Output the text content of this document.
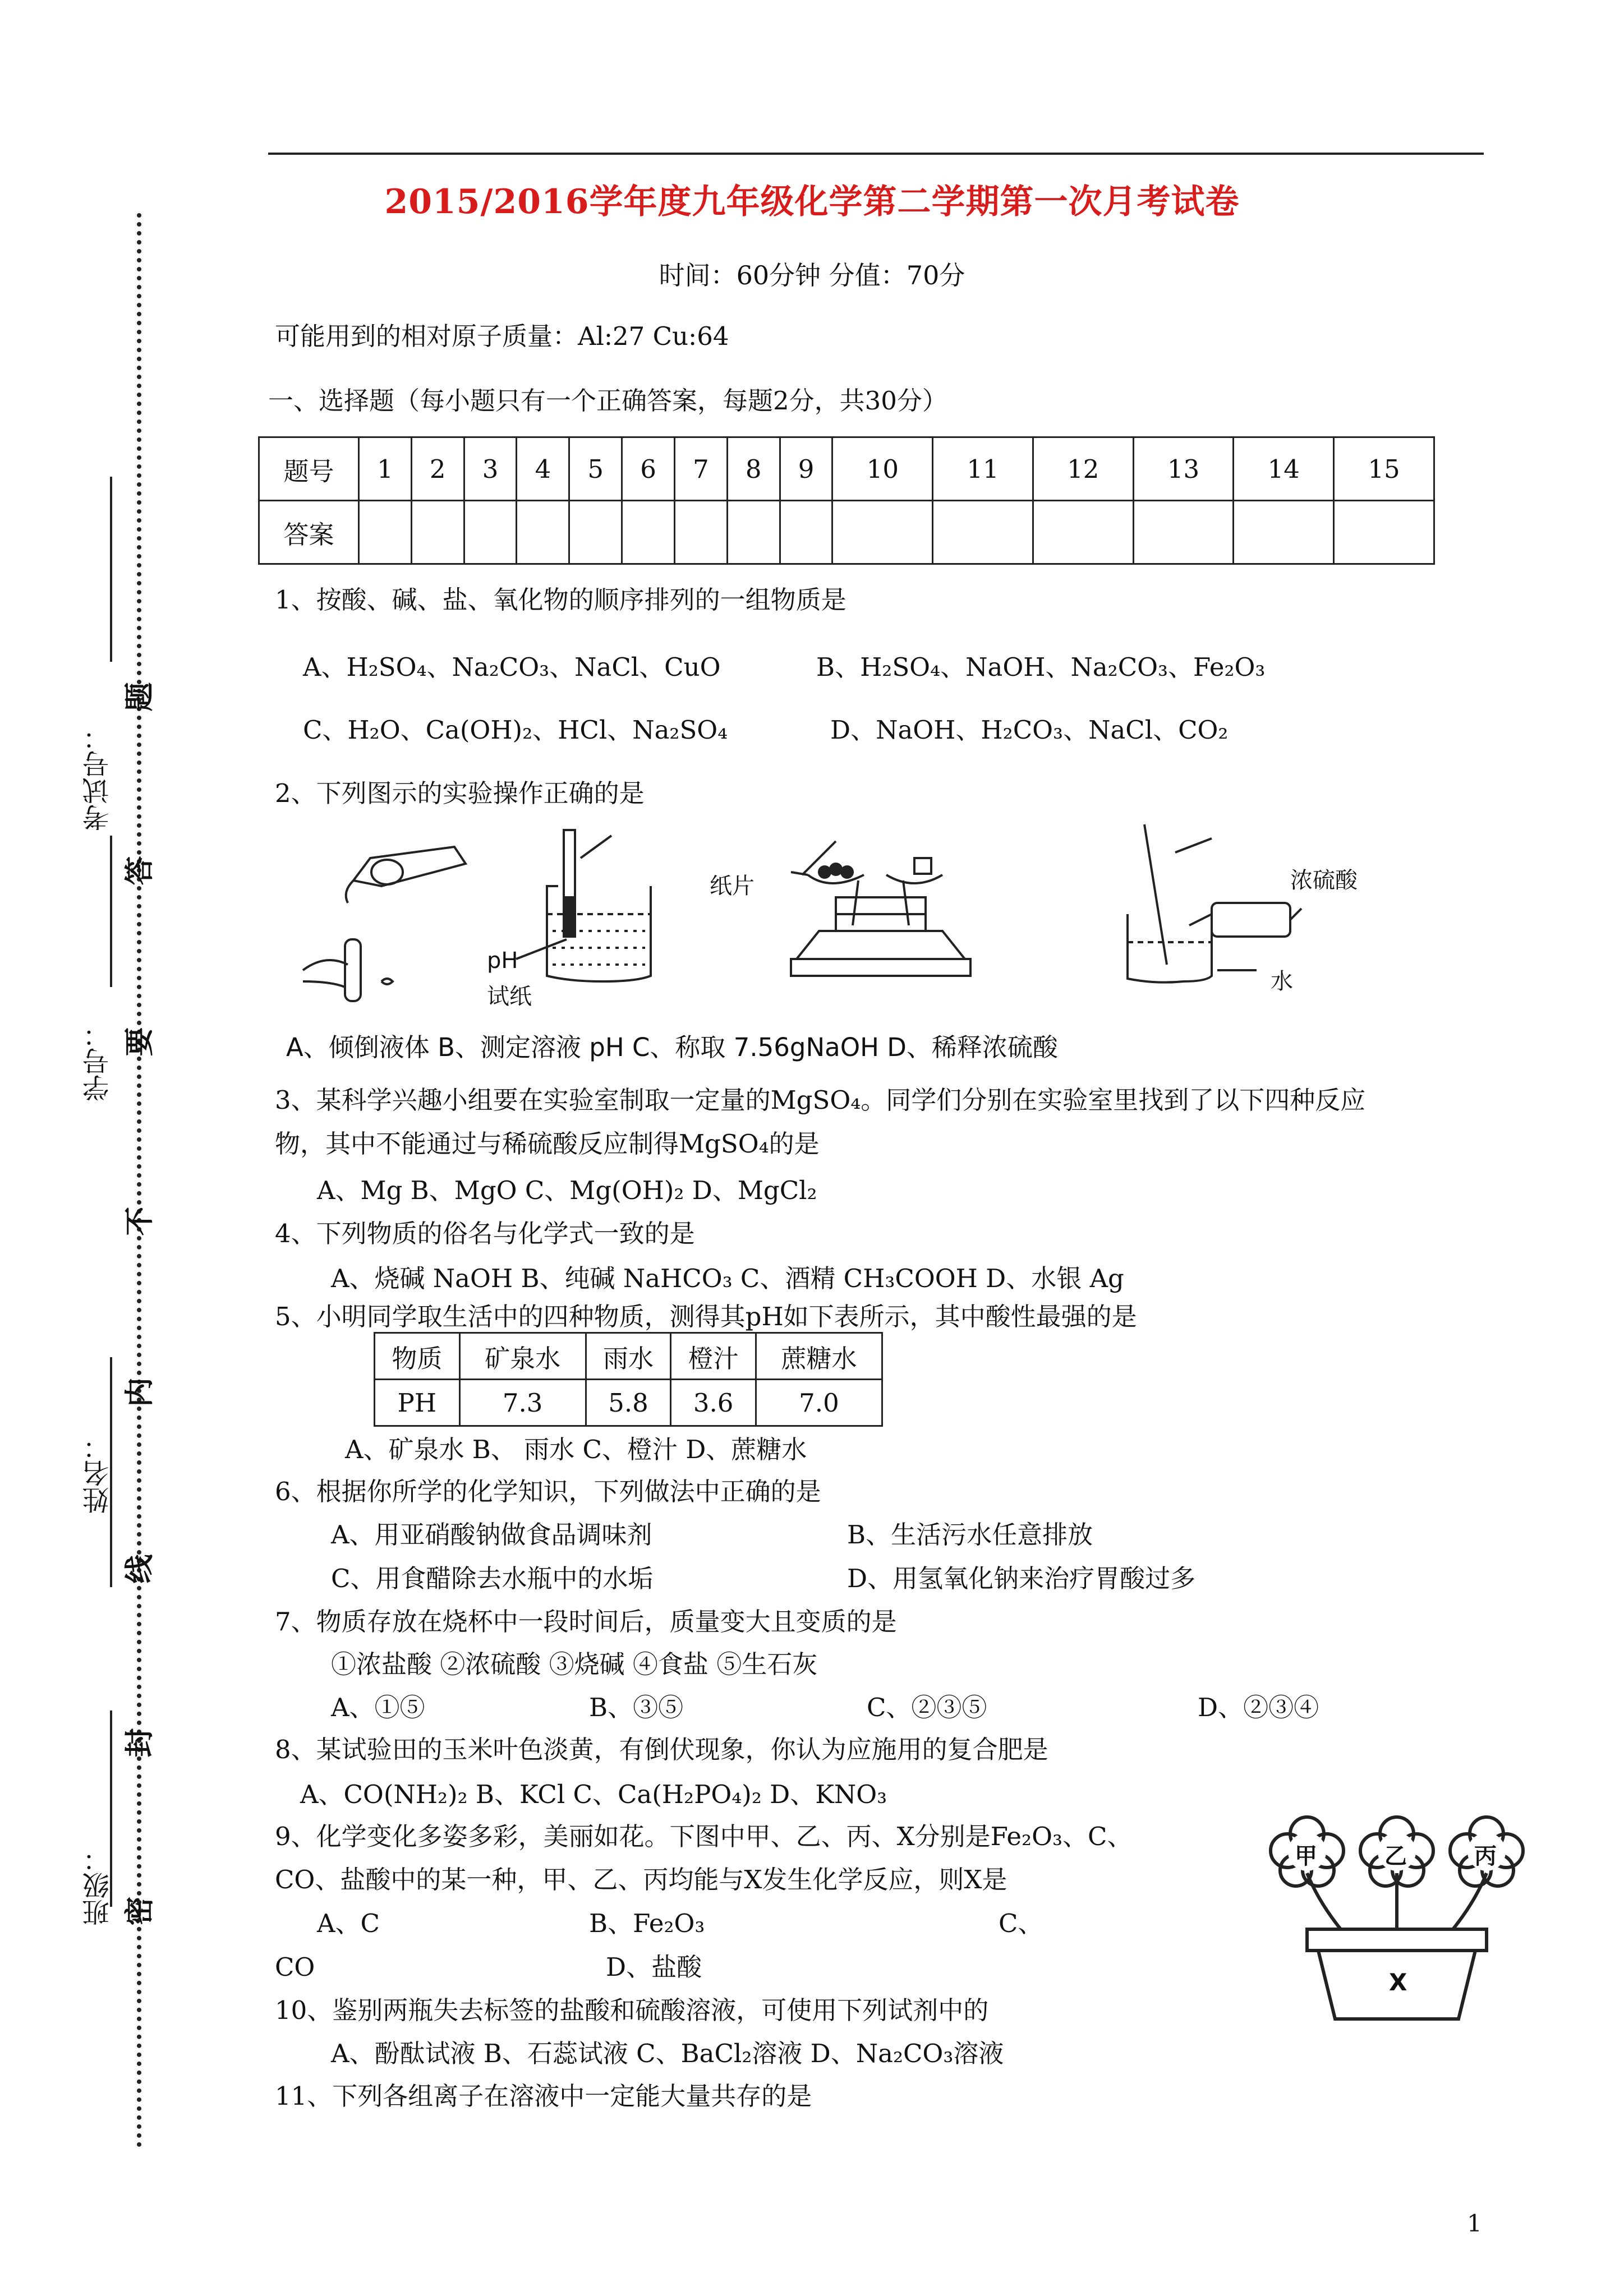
考试号：
学号：
姓名：
班级： 密
封
线
内
不
要
答
题
2015/2016学年度九年级化学第二学期第一次月考试卷
时间：60分钟 分值：70分
可能用到的相对原子质量：Al:27 Cu:64
一、选择题（每小题只有一个正确答案，每题2分，共30分）
题号	1	2	3	4	5	6	7	8	9	10	11	12	13	14	15
答案															
1、按酸、碱、盐、氧化物的顺序排列的一组物质是
A、H₂SO₄、Na₂CO₃、NaCl、CuO	B、H₂SO₄、NaOH、Na₂CO₃、Fe₂O₃
C、H₂O、Ca(OH)₂、HCl、Na₂SO₄	D、NaOH、H₂CO₃、NaCl、CO₂
2、下列图示的实验操作正确的是
pH
试纸
纸片	浓硫酸
水
A、倾倒液体 B、测定溶液 pH C、称取 7.56gNaOH D、稀释浓硫酸
3、某科学兴趣小组要在实验室制取一定量的MgSO₄。同学们分别在实验室里找到了以下四种反应
物，其中不能通过与稀硫酸反应制得MgSO₄的是
A、Mg B、MgO C、Mg(OH)₂ D、MgCl₂
4、下列物质的俗名与化学式一致的是
A、烧碱 NaOH B、纯碱 NaHCO₃ C、酒精 CH₃COOH D、水银 Ag
5、小明同学取生活中的四种物质，测得其pH如下表所示，其中酸性最强的是
物质	矿泉水	雨水	橙汁	蔗糖水
PH	7.3	5.8	3.6	7.0
A、矿泉水 B、 雨水 C、橙汁 D、蔗糖水
6、根据你所学的化学知识，下列做法中正确的是
A、用亚硝酸钠做食品调味剂	B、生活污水任意排放
C、用食醋除去水瓶中的水垢	D、用氢氧化钠来治疗胃酸过多
7、物质存放在烧杯中一段时间后，质量变大且变质的是
①浓盐酸 ②浓硫酸 ③烧碱 ④食盐 ⑤生石灰
A、①⑤	B、③⑤	C、②③⑤	D、②③④
8、某试验田的玉米叶色淡黄，有倒伏现象，你认为应施用的复合肥是
A、CO(NH₂)₂ B、KCl C、Ca(H₂PO₄)₂ D、KNO₃
9、化学变化多姿多彩，美丽如花。下图中甲、乙、丙、X分别是Fe₂O₃、C、
CO、盐酸中的某一种，甲、乙、丙均能与X发生化学反应，则X是
A、C	B、Fe₂O₃	C、
CO	D、盐酸
甲	乙	丙
X
10、鉴别两瓶失去标签的盐酸和硫酸溶液，可使用下列试剂中的
A、酚酞试液 B、石蕊试液 C、BaCl₂溶液 D、Na₂CO₃溶液
11、下列各组离子在溶液中一定能大量共存的是
1
